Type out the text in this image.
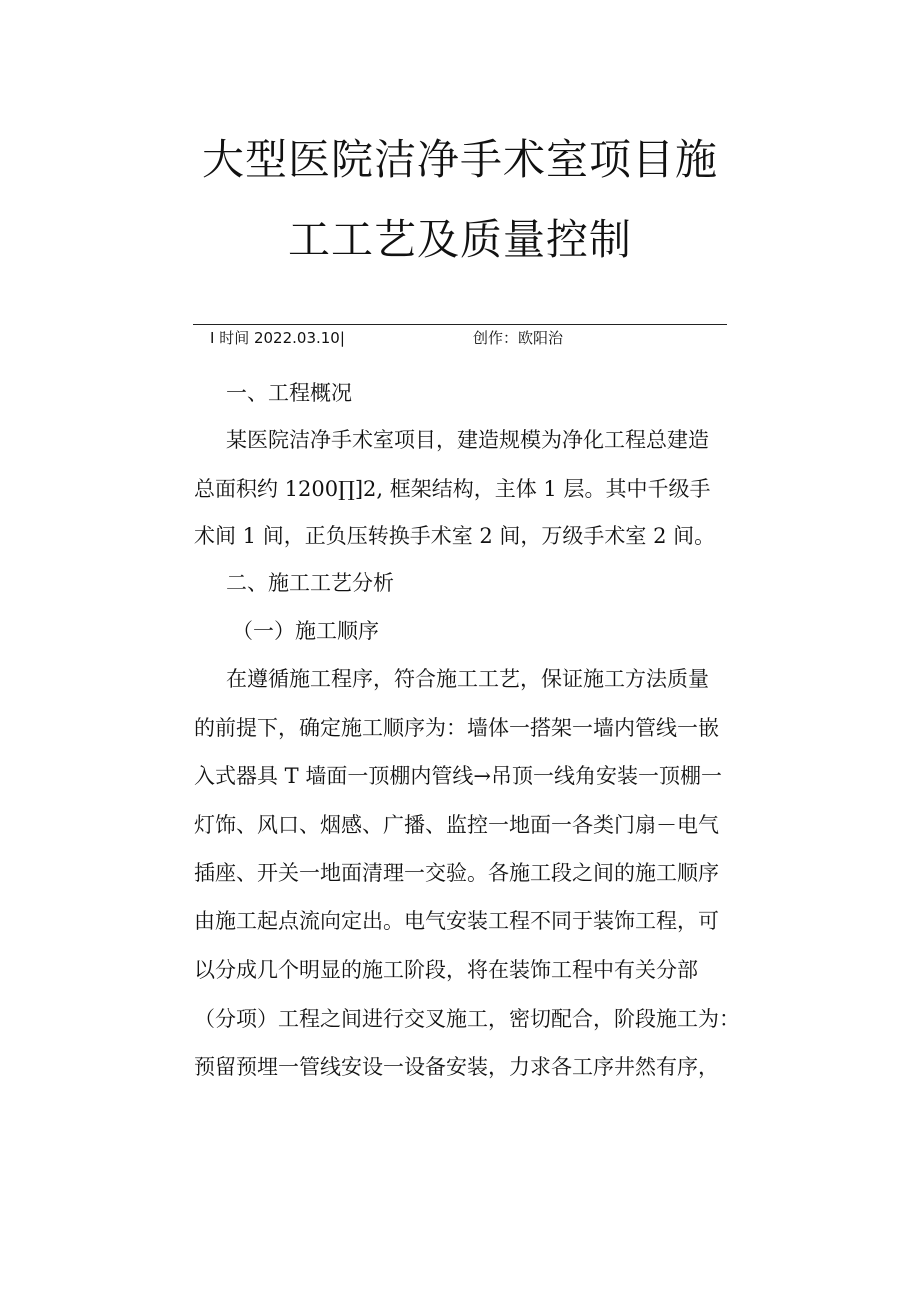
大型医院洁净手术室项目施
工工艺及质量控制
I 时间 2022.03.10|	创作：欧阳治
一、工程概况
某医院洁净手术室项目，建造规模为净化工程总建造
总面积约 1200∏]2, 框架结构，主体 1 层。其中千级手
术间 1 间，正负压转换手术室 2 间，万级手术室 2 间。
二、施工工艺分析
（一）施工顺序
在遵循施工程序，符合施工工艺，保证施工方法质量
的前提下，确定施工顺序为：墙体一搭架一墙内管线一嵌
入式器具 T 墙面一顶棚内管线→吊顶一线角安装一顶棚一
灯饰、风口、烟感、广播、监控一地面一各类门扇－电气
插座、开关一地面清理一交验。各施工段之间的施工顺序
由施工起点流向定出。电气安装工程不同于装饰工程，可
以分成几个明显的施工阶段，将在装饰工程中有关分部
（分项）工程之间进行交叉施工，密切配合，阶段施工为：
预留预埋一管线安设一设备安装，力求各工序井然有序，
